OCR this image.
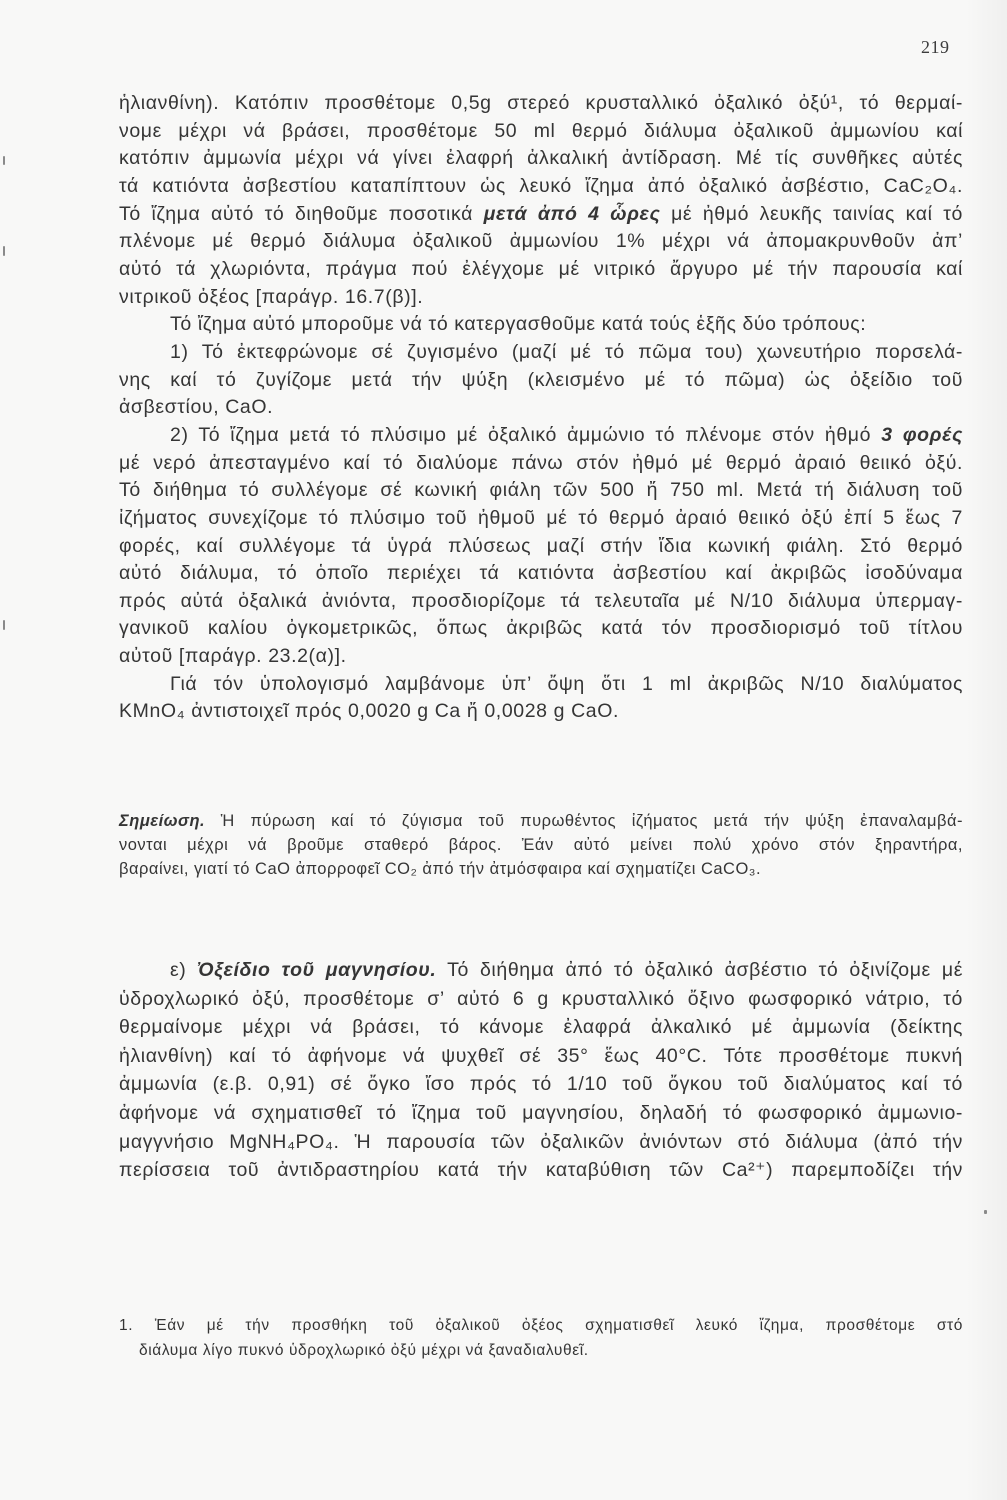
219
ἡλιανθίνη). Κατόπιν προσθέτομε 0,5g στερεό κρυσταλλικό ὀξαλικό ὀξύ¹, τό θερμαί-
νομε μέχρι νά βράσει, προσθέτομε 50 ml θερμό διάλυμα ὀξαλικοῦ ἀμμωνίου καί
κατόπιν ἀμμωνία μέχρι νά γίνει ἐλαφρή ἀλκαλική ἀντίδραση. Μέ τίς συνθῆκες αὐτές
τά κατιόντα ἀσβεστίου καταπίπτουν ὡς λευκό ἴζημα ἀπό ὀξαλικό ἀσβέστιο, CaC₂O₄.
Τό ἴζημα αὐτό τό διηθοῦμε ποσοτικά μετά ἀπό 4 ὧρες μέ ἠθμό λευκῆς ταινίας καί τό
πλένομε μέ θερμό διάλυμα ὀξαλικοῦ ἀμμωνίου 1% μέχρι νά ἀπομακρυνθοῦν ἀπ’
αὐτό τά χλωριόντα, πράγμα πού ἐλέγχομε μέ νιτρικό ἄργυρο μέ τήν παρουσία καί
νιτρικοῦ ὀξέος [παράγρ. 16.7(β)].
Τό ἴζημα αὐτό μποροῦμε νά τό κατεργασθοῦμε κατά τούς ἑξῆς δύο τρόπους:
1) Τό ἐκτεφρώνομε σέ ζυγισμένο (μαζί μέ τό πῶμα του) χωνευτήριο πορσελά-
νης καί τό ζυγίζομε μετά τήν ψύξη (κλεισμένο μέ τό πῶμα) ὡς ὀξείδιο τοῦ
ἀσβεστίου, CaO.
2) Τό ἴζημα μετά τό πλύσιμο μέ ὀξαλικό ἀμμώνιο τό πλένομε στόν ἠθμό 3 φορές
μέ νερό ἀπεσταγμένο καί τό διαλύομε πάνω στόν ἠθμό μέ θερμό ἀραιό θειικό ὀξύ.
Τό διήθημα τό συλλέγομε σέ κωνική φιάλη τῶν 500 ἤ 750 ml. Μετά τή διάλυση τοῦ
ἰζήματος συνεχίζομε τό πλύσιμο τοῦ ἠθμοῦ μέ τό θερμό ἀραιό θειικό ὀξύ ἐπί 5 ἕως 7
φορές, καί συλλέγομε τά ὑγρά πλύσεως μαζί στήν ἴδια κωνική φιάλη. Στό θερμό
αὐτό διάλυμα, τό ὁποῖο περιέχει τά κατιόντα ἀσβεστίου καί ἀκριβῶς ἰσοδύναμα
πρός αὐτά ὀξαλικά ἀνιόντα, προσδιορίζομε τά τελευταῖα μέ N/10 διάλυμα ὑπερμαγ-
γανικοῦ καλίου ὀγκομετρικῶς, ὅπως ἀκριβῶς κατά τόν προσδιορισμό τοῦ τίτλου
αὐτοῦ [παράγρ. 23.2(α)].
Γιά τόν ὑπολογισμό λαμβάνομε ὑπ’ ὄψη ὅτι 1 ml ἀκριβῶς N/10 διαλύματος
KMnO₄ ἀντιστοιχεῖ πρός 0,0020 g Ca ἤ 0,0028 g CaO.
Σημείωση. Ἡ πύρωση καί τό ζύγισμα τοῦ πυρωθέντος ἰζήματος μετά τήν ψύξη ἐπαναλαμβά-
νονται μέχρι νά βροῦμε σταθερό βάρος. Ἐάν αὐτό μείνει πολύ χρόνο στόν ξηραντήρα,
βαραίνει, γιατί τό CaO ἀπορροφεῖ CO₂ ἀπό τήν ἀτμόσφαιρα καί σχηματίζει CaCO₃.
ε) Ὀξείδιο τοῦ μαγνησίου. Τό διήθημα ἀπό τό ὀξαλικό ἀσβέστιο τό ὀξινίζομε μέ
ὑδροχλωρικό ὀξύ, προσθέτομε σ’ αὐτό 6 g κρυσταλλικό ὄξινο φωσφορικό νάτριο, τό
θερμαίνομε μέχρι νά βράσει, τό κάνομε ἐλαφρά ἀλκαλικό μέ ἀμμωνία (δείκτης
ἡλιανθίνη) καί τό ἀφήνομε νά ψυχθεῖ σέ 35° ἕως 40°C. Τότε προσθέτομε πυκνή
ἀμμωνία (ε.β. 0,91) σέ ὄγκο ἴσο πρός τό 1/10 τοῦ ὄγκου τοῦ διαλύματος καί τό
ἀφήνομε νά σχηματισθεῖ τό ἴζημα τοῦ μαγνησίου, δηλαδή τό φωσφορικό ἀμμωνιο-
μαγγνήσιο MgNH₄PO₄. Ἡ παρουσία τῶν ὀξαλικῶν ἀνιόντων στό διάλυμα (ἀπό τήν
περίσσεια τοῦ ἀντιδραστηρίου κατά τήν καταβύθιση τῶν Ca²⁺) παρεμποδίζει τήν
1. Ἐάν μέ τήν προσθήκη τοῦ ὀξαλικοῦ ὀξέος σχηματισθεῖ λευκό ἴζημα, προσθέτομε στό
διάλυμα λίγο πυκνό ὑδροχλωρικό ὀξύ μέχρι νά ξαναδιαλυθεῖ.
